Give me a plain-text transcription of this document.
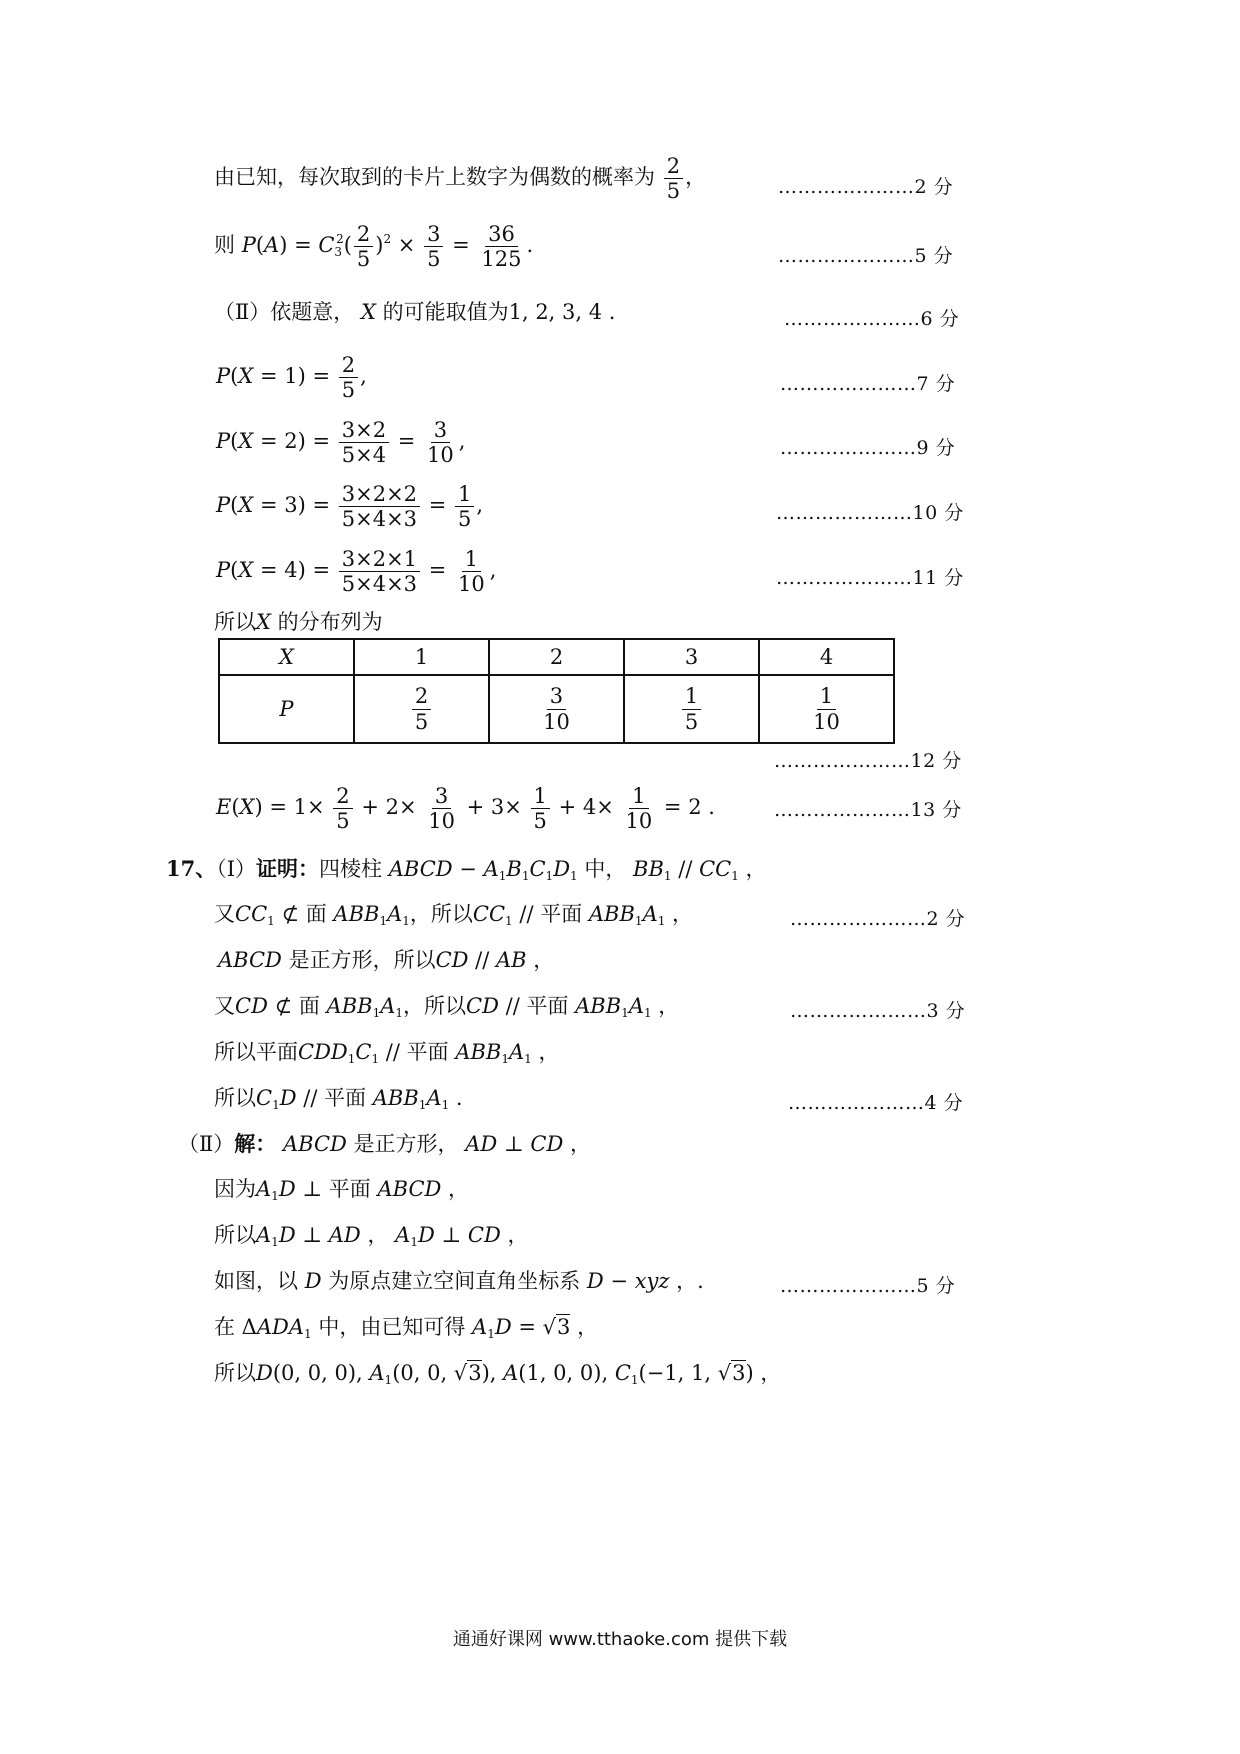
由已知，每次取到的卡片上数字为偶数的概率为 $\frac{2}{5}$ ，	…………………2 分
则 $P(A) = C_3^2( \frac{2}{5} )^2 \times \frac{3}{5} = \frac{36}{125}$ .	…………………5 分
（Ⅱ）依题意， X 的可能取值为1, 2, 3, 4 .	…………………6 分
$P(X = 1) = \frac{2}{5}$ ,	…………………7 分
$P(X = 2) = \frac{3\times 2}{5\times 4} = \frac{3}{10}$ ,	…………………9 分
$P(X = 3) = \frac{3\times 2\times 2}{5\times 4\times 3} = \frac{1}{5}$ ,	…………………10 分
$P(X = 4) = \frac{3\times 2\times 1}{5\times 4\times 3} = \frac{1}{10}$ ,	…………………11 分
所以X 的分布列为
X	1	2	3	4
P	$\frac{2}{5}$	$\frac{3}{10}$	$\frac{1}{5}$	$\frac{1}{10}$
…………………12 分
$E(X) = 1\times \frac{2}{5} + 2\times \frac{3}{10} + 3\times \frac{1}{5} + 4\times \frac{1}{10} = 2$ .	…………………13 分
17、（Ⅰ）证明：四棱柱 ABCD − $A_1B_1C_1D_1$ 中， $BB_1 // CC_1$ ，
又$CC_1$ ⊄ 面 $ABB_1A_1$，所以$CC_1$ // 平面 $ABB_1A_1$ ，	…………………2 分
ABCD 是正方形，所以CD // AB ，
又CD ⊄ 面 $ABB_1A_1$，所以CD // 平面 $ABB_1A_1$ ，	…………………3 分
所以平面$CDD_1C_1$ // 平面 $ABB_1A_1$ ，
所以$C_1D$ // 平面 $ABB_1A_1$ .	…………………4 分
（Ⅱ）解： ABCD 是正方形， AD ⊥ CD ，
因为$A_1D$ ⊥ 平面 ABCD ，
所以$A_1D$ ⊥ AD ， $A_1D$ ⊥ CD ，
如图，以 D 为原点建立空间直角坐标系 D − xyz ，.	…………………5 分
在 $\Delta ADA_1$ 中，由已知可得 $A_1D = √3$ ，
所以D(0, 0, 0), $A_1(0$, 0, √3), A(1, 0, 0), $C_1(-1$, 1, √3) ，
通通好课网 www.tthaoke.com 提供下载
